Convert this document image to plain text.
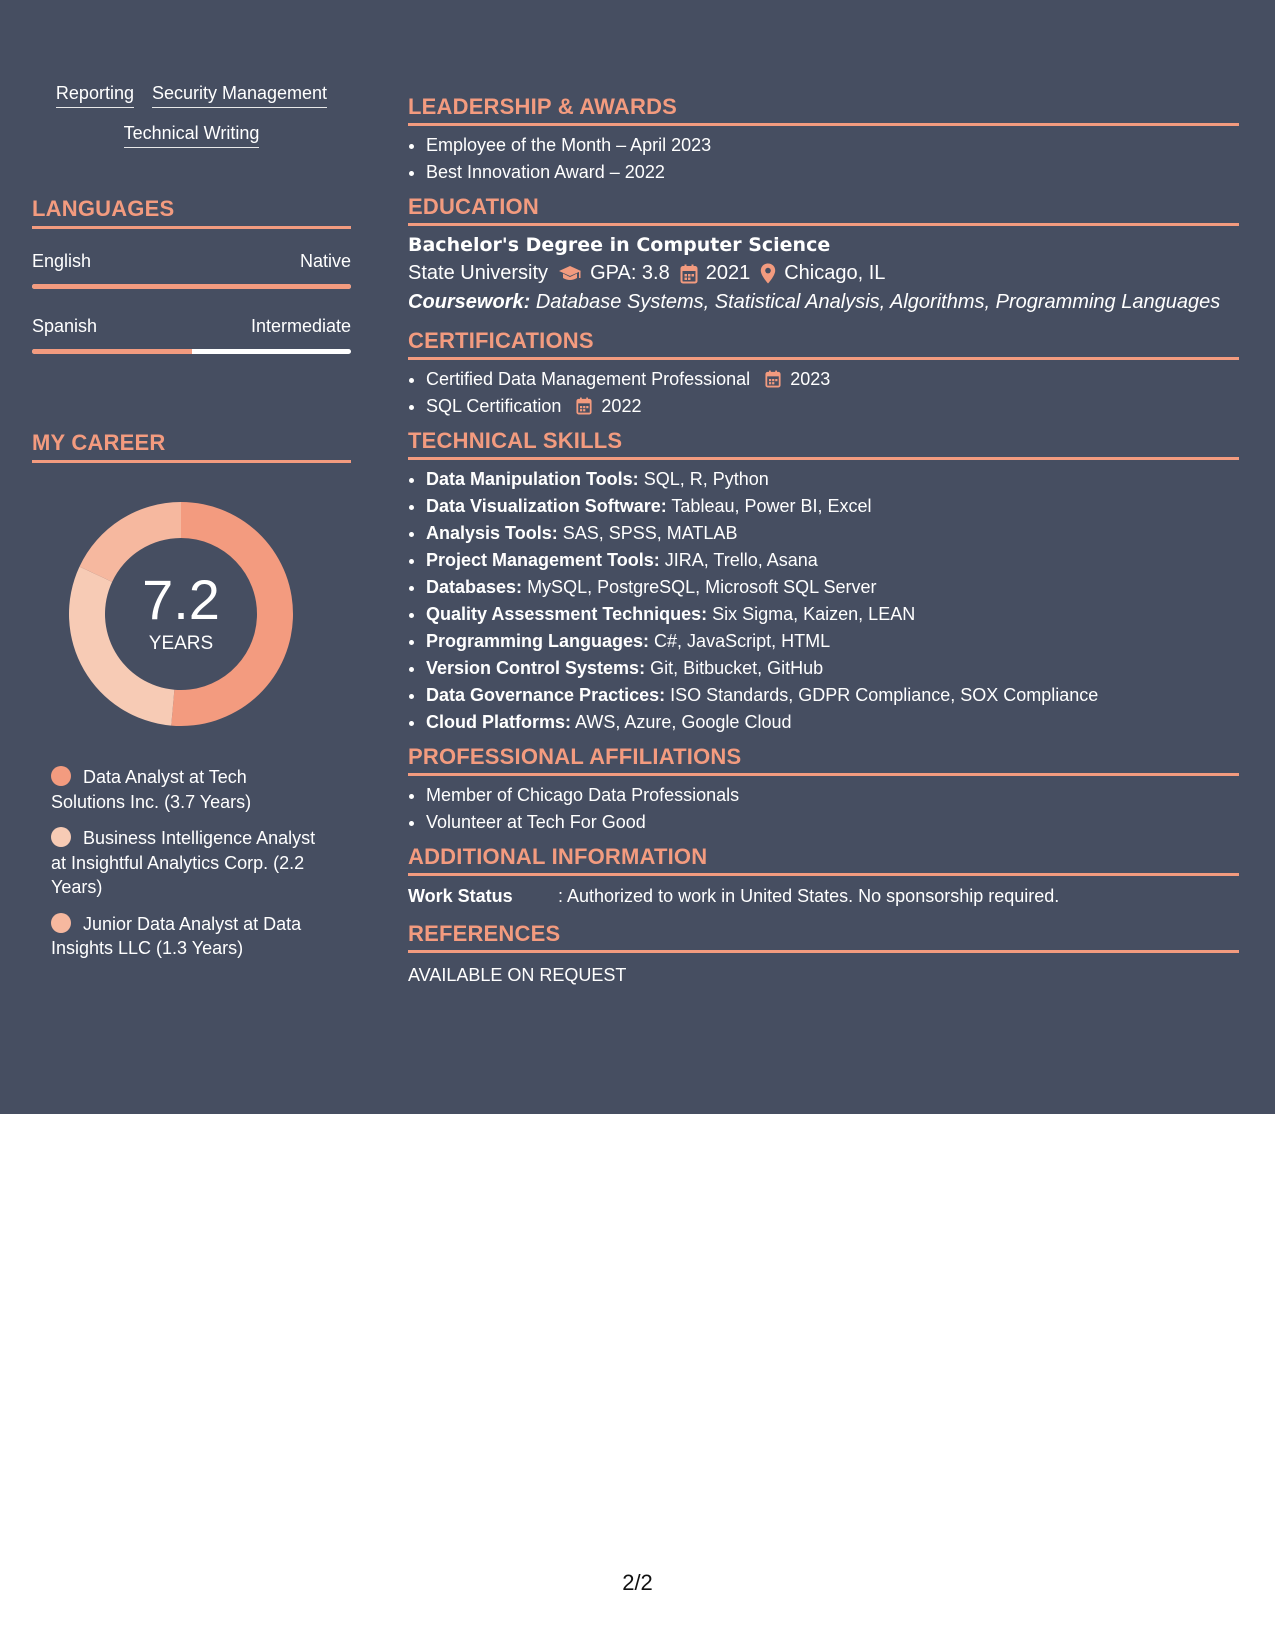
Reporting Security Management
Technical Writing
LANGUAGES
English	Native
Spanish	Intermediate
MY CAREER
7.2
YEARS
Data Analyst at Tech Solutions Inc. (3.7 Years)
Business Intelligence Analyst at Insightful Analytics Corp. (2.2 Years)
Junior Data Analyst at Data Insights LLC (1.3 Years)
LEADERSHIP & AWARDS
• Employee of the Month – April 2023
• Best Innovation Award – 2022
EDUCATION
Bachelor's Degree in Computer Science
State University GPA: 3.8 2021 Chicago, IL
Coursework: Database Systems, Statistical Analysis, Algorithms, Programming Languages
CERTIFICATIONS
• Certified Data Management Professional 2023
• SQL Certification 2022
TECHNICAL SKILLS
• Data Manipulation Tools: SQL, R, Python
• Data Visualization Software: Tableau, Power BI, Excel
• Analysis Tools: SAS, SPSS, MATLAB
• Project Management Tools: JIRA, Trello, Asana
• Databases: MySQL, PostgreSQL, Microsoft SQL Server
• Quality Assessment Techniques: Six Sigma, Kaizen, LEAN
• Programming Languages: C#, JavaScript, HTML
• Version Control Systems: Git, Bitbucket, GitHub
• Data Governance Practices: ISO Standards, GDPR Compliance, SOX Compliance
• Cloud Platforms: AWS, Azure, Google Cloud
PROFESSIONAL AFFILIATIONS
• Member of Chicago Data Professionals
• Volunteer at Tech For Good
ADDITIONAL INFORMATION
Work Status	: Authorized to work in United States. No sponsorship required.
REFERENCES
AVAILABLE ON REQUEST
2/2
